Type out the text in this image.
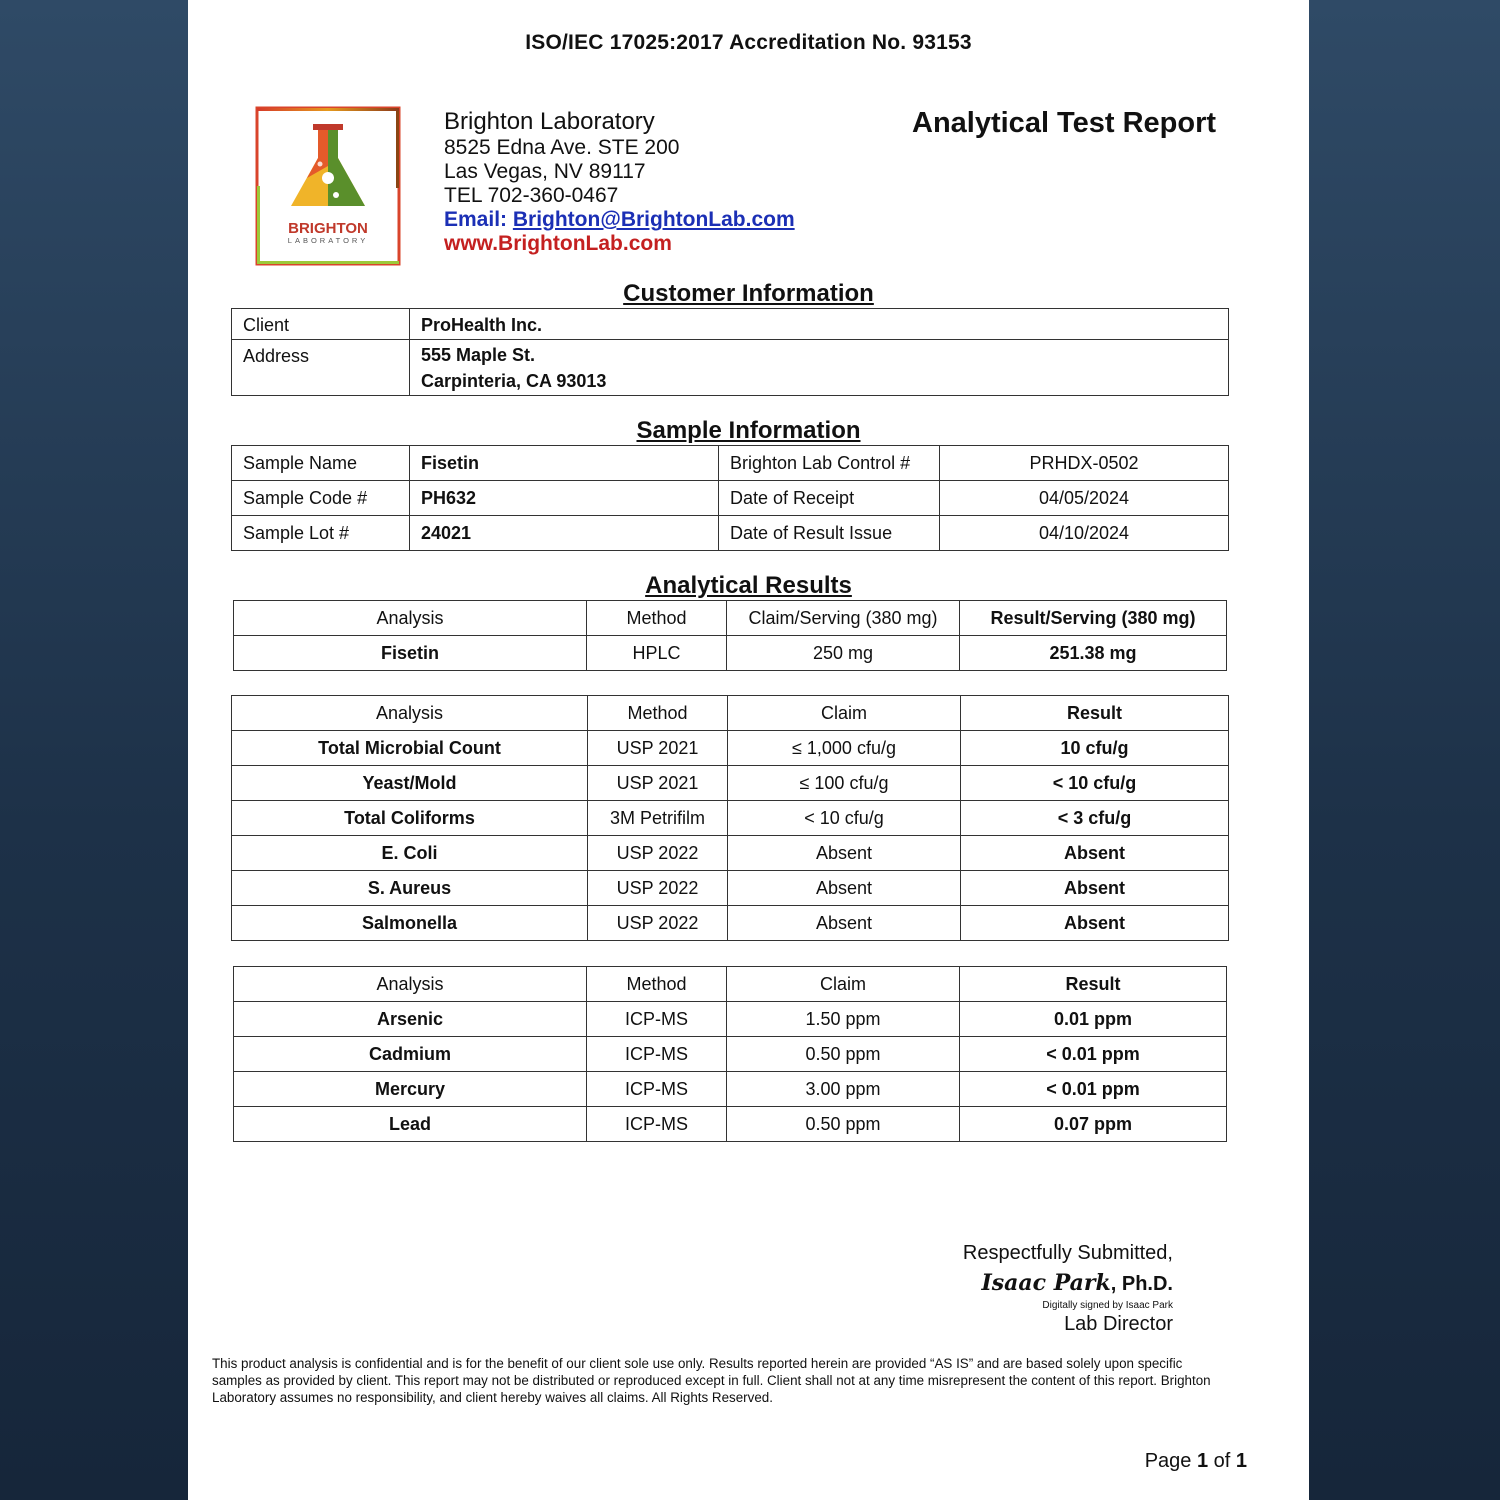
ISO/IEC 17025:2017 Accreditation No. 93153
BRIGHTON
LABORATORY
Brighton Laboratory
8525 Edna Ave. STE 200
Las Vegas, NV 89117
TEL 702-360-0467
Email: Brighton@BrightonLab.com
www.BrightonLab.com
Analytical Test Report
Customer Information
Client	ProHealth Inc.
Address	555 Maple St.
Carpinteria, CA 93013
Sample Information
Sample Name	Fisetin	Brighton Lab Control #	PRHDX-0502
Sample Code #	PH632	Date of Receipt	04/05/2024
Sample Lot #	24021	Date of Result Issue	04/10/2024
Analytical Results
Analysis	Method	Claim/Serving (380 mg)	Result/Serving (380 mg)
Fisetin	HPLC	250 mg	251.38 mg
Analysis	Method	Claim	Result
Total Microbial Count	USP 2021	≤ 1,000 cfu/g	10 cfu/g
Yeast/Mold	USP 2021	≤ 100 cfu/g	< 10 cfu/g
Total Coliforms	3M Petrifilm	< 10 cfu/g	< 3 cfu/g
E. Coli	USP 2022	Absent	Absent
S. Aureus	USP 2022	Absent	Absent
Salmonella	USP 2022	Absent	Absent
Analysis	Method	Claim	Result
Arsenic	ICP-MS	1.50 ppm	0.01 ppm
Cadmium	ICP-MS	0.50 ppm	< 0.01 ppm
Mercury	ICP-MS	3.00 ppm	< 0.01 ppm
Lead	ICP-MS	0.50 ppm	0.07 ppm
Respectfully Submitted,
Isaac Park, Ph.D.
Digitally signed by Isaac Park
Lab Director
This product analysis is confidential and is for the benefit of our client sole use only. Results reported herein are provided “AS IS” and are based solely upon specific samples as provided by client. This report may not be distributed or reproduced except in full. Client shall not at any time misrepresent the content of this report. Brighton Laboratory assumes no responsibility, and client hereby waives all claims. All Rights Reserved.
Page 1 of 1
